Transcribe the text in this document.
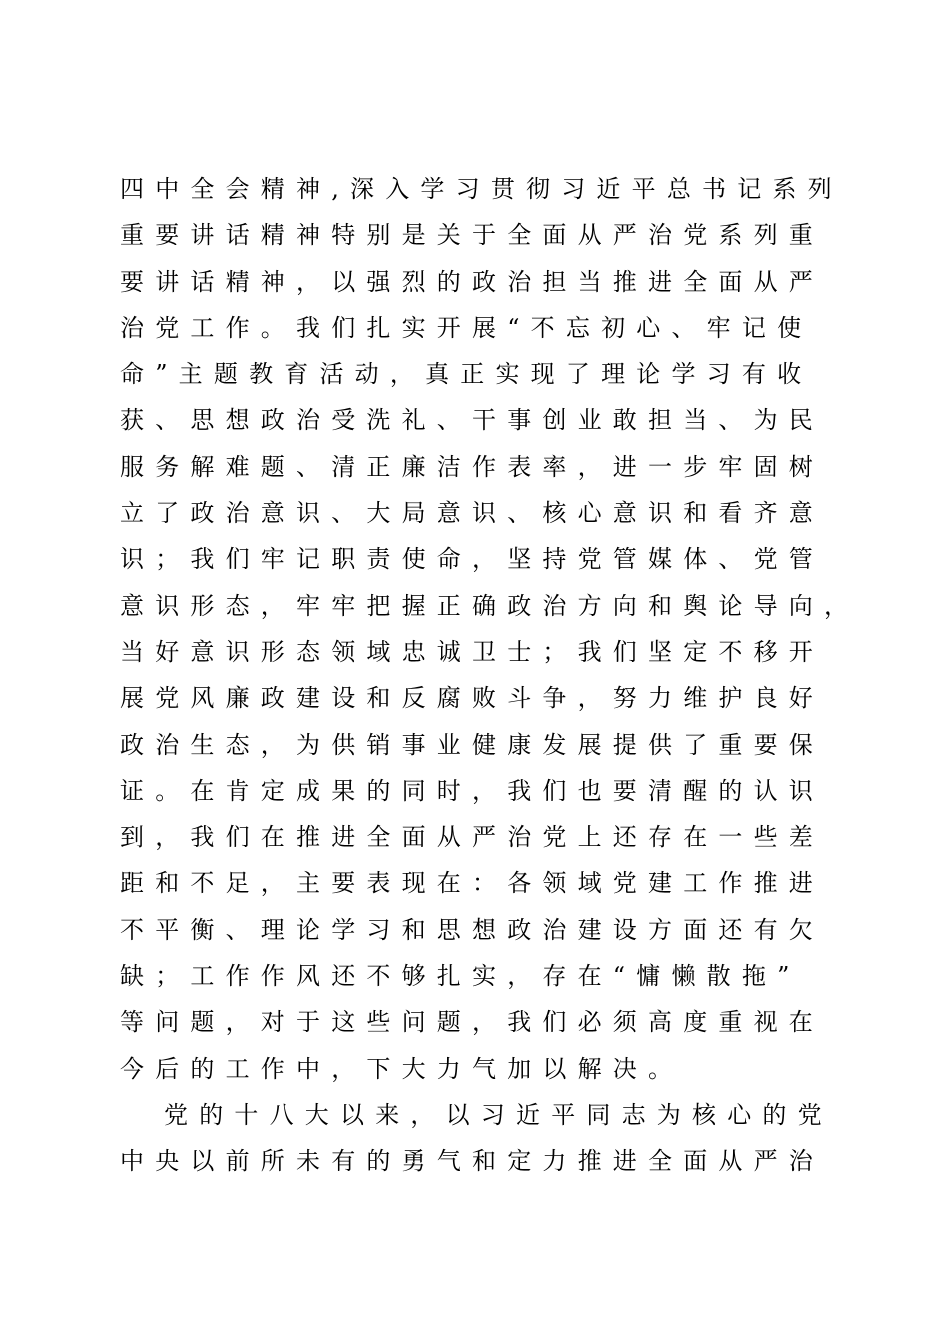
四中全会精神,深入学习贯彻习近平总书记系列
重要讲话精神特别是关于全面从严治党系列重
要讲话精神，以强烈的政治担当推进全面从严
治党工作。我们扎实开展“不忘初心、牢记使
命”主题教育活动，真正实现了理论学习有收
获、思想政治受洗礼、干事创业敢担当、为民
服务解难题、清正廉洁作表率，进一步牢固树
立了政治意识、大局意识、核心意识和看齐意
识；我们牢记职责使命，坚持党管媒体、党管
意识形态，牢牢把握正确政治方向和舆论导向，
当好意识形态领域忠诚卫士；我们坚定不移开
展党风廉政建设和反腐败斗争，努力维护良好
政治生态，为供销事业健康发展提供了重要保
证。在肯定成果的同时，我们也要清醒的认识
到，我们在推进全面从严治党上还存在一些差
距和不足，主要表现在：各领域党建工作推进
不平衡、理论学习和思想政治建设方面还有欠
缺；工作作风还不够扎实，存在“慵懒散拖”
等问题，对于这些问题，我们必须高度重视在
今后的工作中，下大力气加以解决。
党的十八大以来，以习近平同志为核心的党
中央以前所未有的勇气和定力推进全面从严治
